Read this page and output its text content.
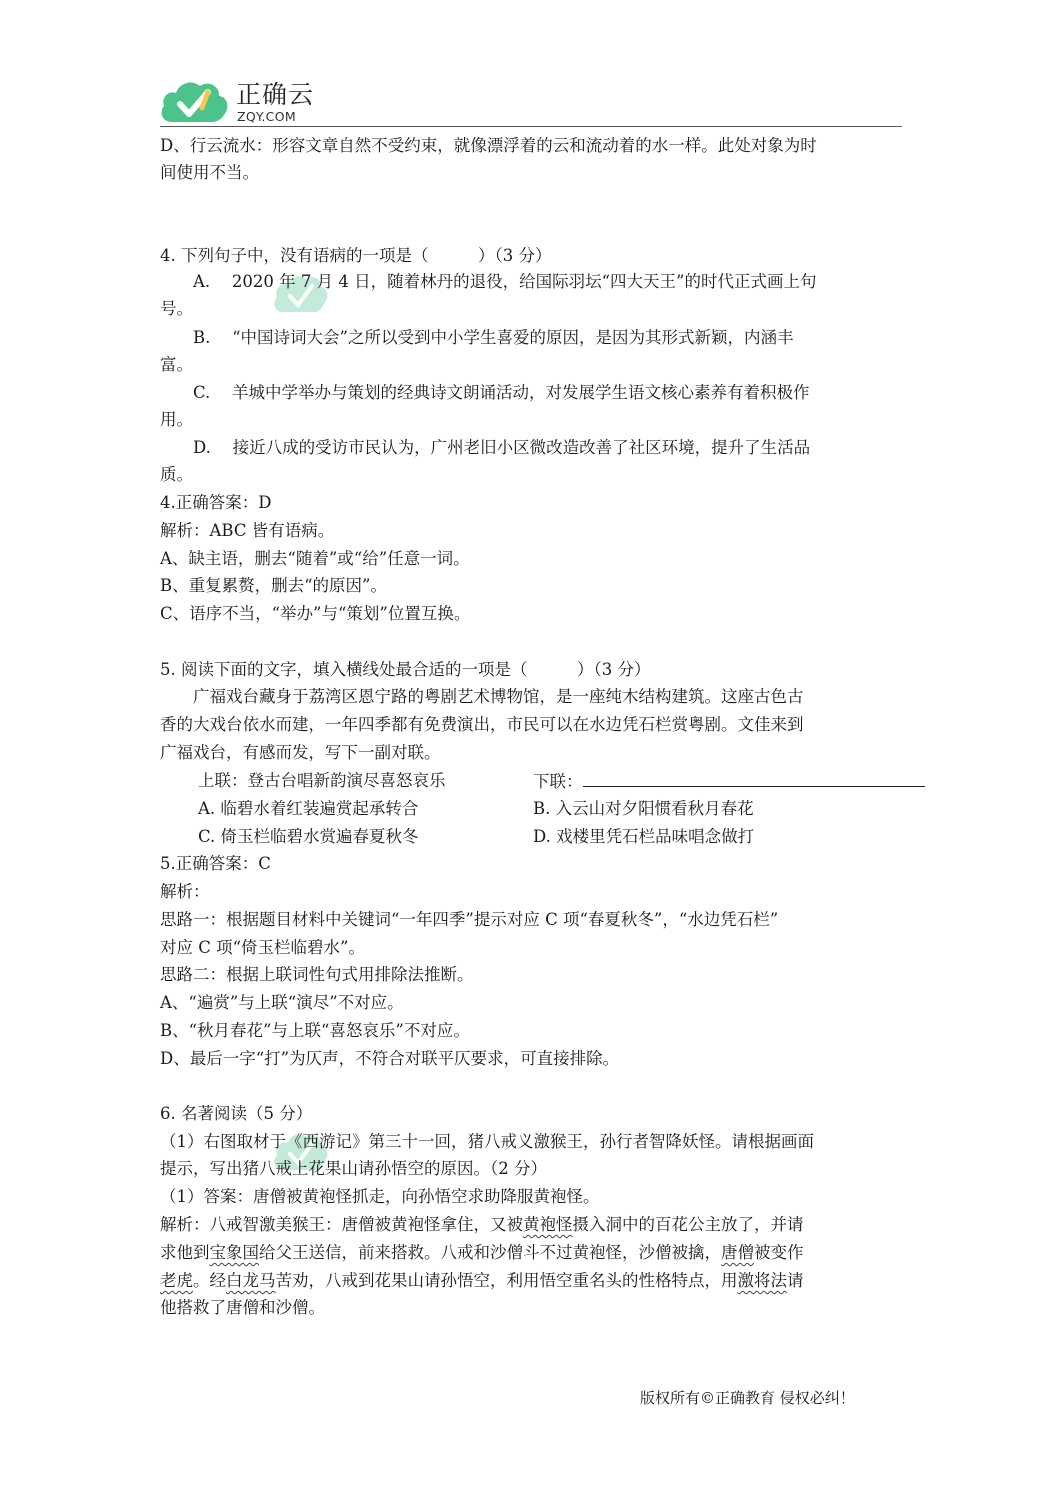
正确云
ZQY.COM
D、行云流水：形容文章自然不受约束，就像漂浮着的云和流动着的水一样。此处对象为时
间使用不当。
4. 下列句子中，没有语病的一项是（　　　）（3 分）
　　A.　 2020 年 7 月 4 日，随着林丹的退役，给国际羽坛“四大天王”的时代正式画上句
号。
　　B.　 “中国诗词大会”之所以受到中小学生喜爱的原因，是因为其形式新颖，内涵丰
富。
　　C.　 羊城中学举办与策划的经典诗文朗诵活动，对发展学生语文核心素养有着积极作
用。
　　D.　 接近八成的受访市民认为，广州老旧小区微改造改善了社区环境，提升了生活品
质。
4.正确答案：D
解析：ABC 皆有语病。
A、缺主语，删去“随着”或“给”任意一词。
B、重复累赘，删去“的原因”。
C、语序不当，“举办”与“策划”位置互换。
5. 阅读下面的文字，填入横线处最合适的一项是（　　　）（3 分）
　　广福戏台藏身于荔湾区恩宁路的粤剧艺术博物馆，是一座纯木结构建筑。这座古色古
香的大戏台依水而建，一年四季都有免费演出，市民可以在水边凭石栏赏粤剧。文佳来到
广福戏台，有感而发，写下一副对联。
上联：登古台唱新韵演尽喜怒哀乐	下联：
A. 临碧水着红装遍赏起承转合	B. 入云山对夕阳惯看秋月春花
C. 倚玉栏临碧水赏遍春夏秋冬	D. 戏楼里凭石栏品味唱念做打
5.正确答案：C
解析：
思路一：根据题目材料中关键词“一年四季”提示对应 C 项“春夏秋冬”，“水边凭石栏”
对应 C 项“倚玉栏临碧水”。
思路二：根据上联词性句式用排除法推断。
A、“遍赏”与上联“演尽”不对应。
B、“秋月春花”与上联“喜怒哀乐”不对应。
D、最后一字“打”为仄声，不符合对联平仄要求，可直接排除。
6. 名著阅读（5 分）
（1）右图取材于《西游记》第三十一回，猪八戒义激猴王，孙行者智降妖怪。请根据画面
提示，写出猪八戒上花果山请孙悟空的原因。（2 分）
（1）答案：唐僧被黄袍怪抓走，向孙悟空求助降服黄袍怪。
解析：八戒智激美猴王：唐僧被黄袍怪拿住，又被黄袍怪摄入洞中的百花公主放了，并请
求他到宝象国给父王送信，前来搭救。八戒和沙僧斗不过黄袍怪，沙僧被擒，唐僧被变作
老虎。经白龙马苦劝，八戒到花果山请孙悟空，利用悟空重名头的性格特点，用激将法请
他搭救了唐僧和沙僧。
版权所有©正确教育 侵权必纠！
